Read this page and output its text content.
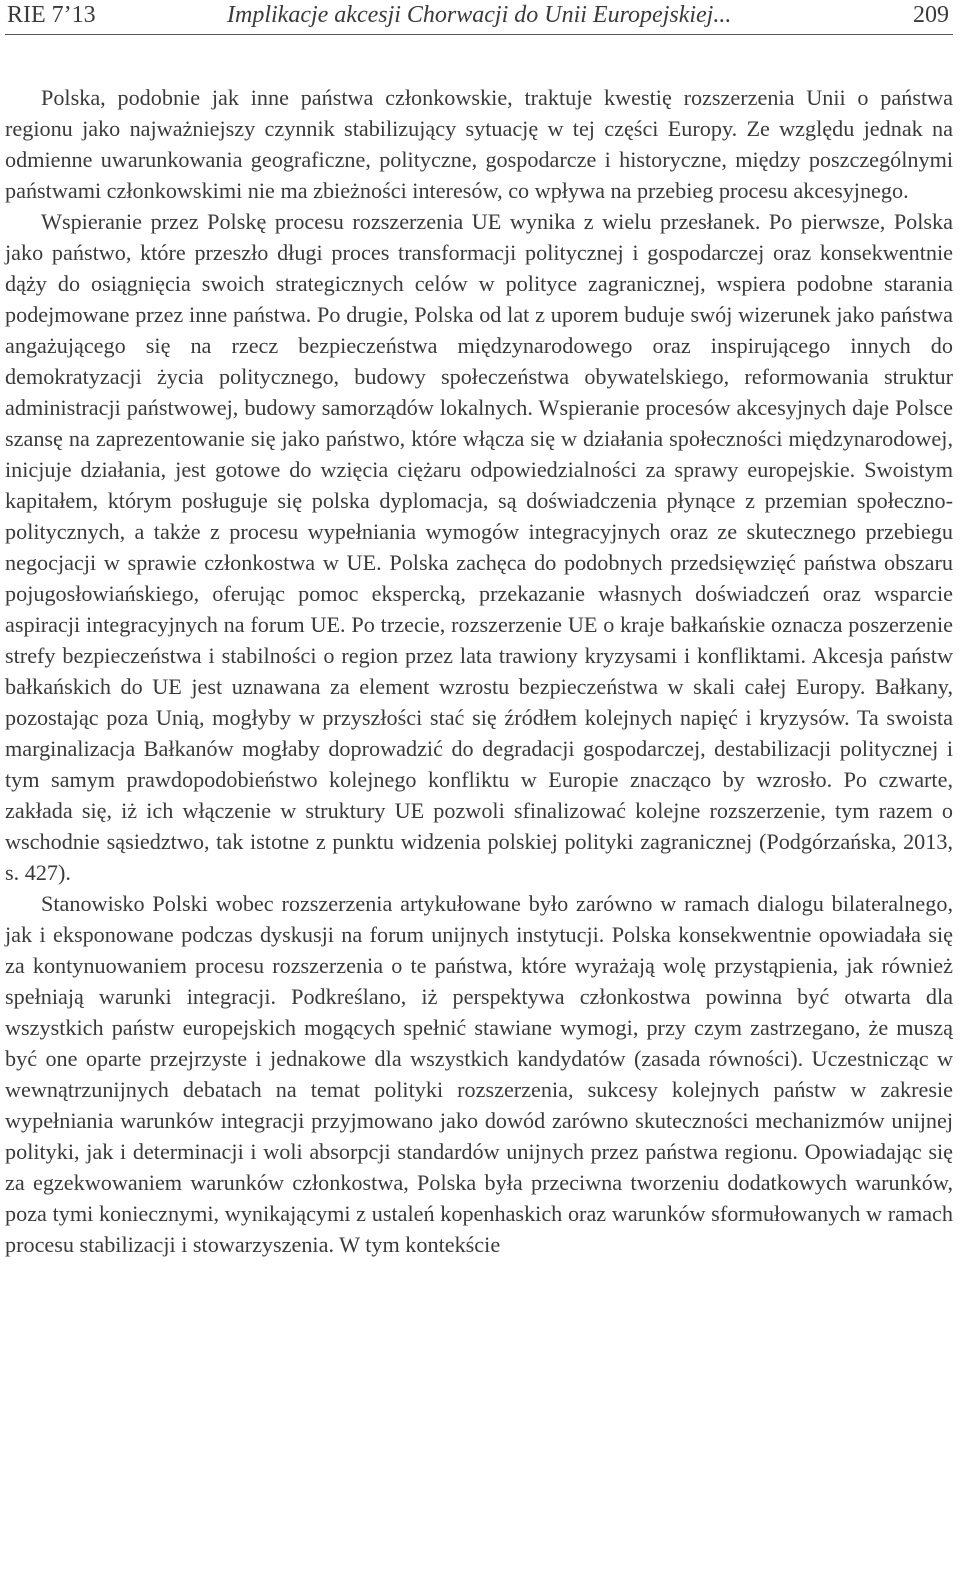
RIE 7’13	Implikacje akcesji Chorwacji do Unii Europejskiej...	209

Polska, podobnie jak inne państwa członkowskie, traktuje kwestię rozszerzenia Unii o państwa regionu jako najważniejszy czynnik stabilizujący sytuację w tej części Europy. Ze względu jednak na odmienne uwarunkowania geograficzne, polityczne, gospodarcze i historyczne, między poszczególnymi państwami członkowskimi nie ma zbieżności interesów, co wpływa na przebieg procesu akcesyjnego.

Wspieranie przez Polskę procesu rozszerzenia UE wynika z wielu przesłanek. Po pierwsze, Polska jako państwo, które przeszło długi proces transformacji politycznej i gospodarczej oraz konsekwentnie dąży do osiągnięcia swoich strategicznych celów w polityce zagranicznej, wspiera podobne starania podejmowane przez inne państwa. Po drugie, Polska od lat z uporem buduje swój wizerunek jako państwa angażującego się na rzecz bezpieczeństwa międzynarodowego oraz inspirującego innych do demokratyzacji życia politycznego, budowy społeczeństwa obywatelskiego, reformowania struktur administracji państwowej, budowy samorządów lokalnych. Wspieranie procesów akcesyjnych daje Polsce szansę na zaprezentowanie się jako państwo, które włącza się w działania społeczności międzynarodowej, inicjuje działania, jest gotowe do wzięcia ciężaru odpowiedzialności za sprawy europejskie. Swoistym kapitałem, którym posługuje się polska dyplomacja, są doświadczenia płynące z przemian społeczno-politycznych, a także z procesu wypełniania wymogów integracyjnych oraz ze skutecznego przebiegu negocjacji w sprawie członkostwa w UE. Polska zachęca do podobnych przedsięwzięć państwa obszaru pojugosłowiańskiego, oferując pomoc ekspercką, przekazanie własnych doświadczeń oraz wsparcie aspiracji integracyjnych na forum UE. Po trzecie, rozszerzenie UE o kraje bałkańskie oznacza poszerzenie strefy bezpieczeństwa i stabilności o region przez lata trawiony kryzysami i konfliktami. Akcesja państw bałkańskich do UE jest uznawana za element wzrostu bezpieczeństwa w skali całej Europy. Bałkany, pozostając poza Unią, mogłyby w przyszłości stać się źródłem kolejnych napięć i kryzysów. Ta swoista marginalizacja Bałkanów mogłaby doprowadzić do degradacji gospodarczej, destabilizacji politycznej i tym samym prawdopodobieństwo kolejnego konfliktu w Europie znacząco by wzrosło. Po czwarte, zakłada się, iż ich włączenie w struktury UE pozwoli sfinalizować kolejne rozszerzenie, tym razem o wschodnie sąsiedztwo, tak istotne z punktu widzenia polskiej polityki zagranicznej (Podgórzańska, 2013, s. 427).

Stanowisko Polski wobec rozszerzenia artykułowane było zarówno w ramach dialogu bilateralnego, jak i eksponowane podczas dyskusji na forum unijnych instytucji. Polska konsekwentnie opowiadała się za kontynuowaniem procesu rozszerzenia o te państwa, które wyrażają wolę przystąpienia, jak również spełniają warunki integracji. Podkreślano, iż perspektywa członkostwa powinna być otwarta dla wszystkich państw europejskich mogących spełnić stawiane wymogi, przy czym zastrzegano, że muszą być one oparte przejrzyste i jednakowe dla wszystkich kandydatów (zasada równości). Uczestnicząc w wewnątrzunijnych debatach na temat polityki rozszerzenia, sukcesy kolejnych państw w zakresie wypełniania warunków integracji przyjmowano jako dowód zarówno skuteczności mechanizmów unijnej polityki, jak i determinacji i woli absorpcji standardów unijnych przez państwa regionu. Opowiadając się za egzekwowaniem warunków członkostwa, Polska była przeciwna tworzeniu dodatkowych warunków, poza tymi koniecznymi, wynikającymi z ustaleń kopenhaskich oraz warunków sformułowanych w ramach procesu stabilizacji i stowarzyszenia. W tym kontekście
